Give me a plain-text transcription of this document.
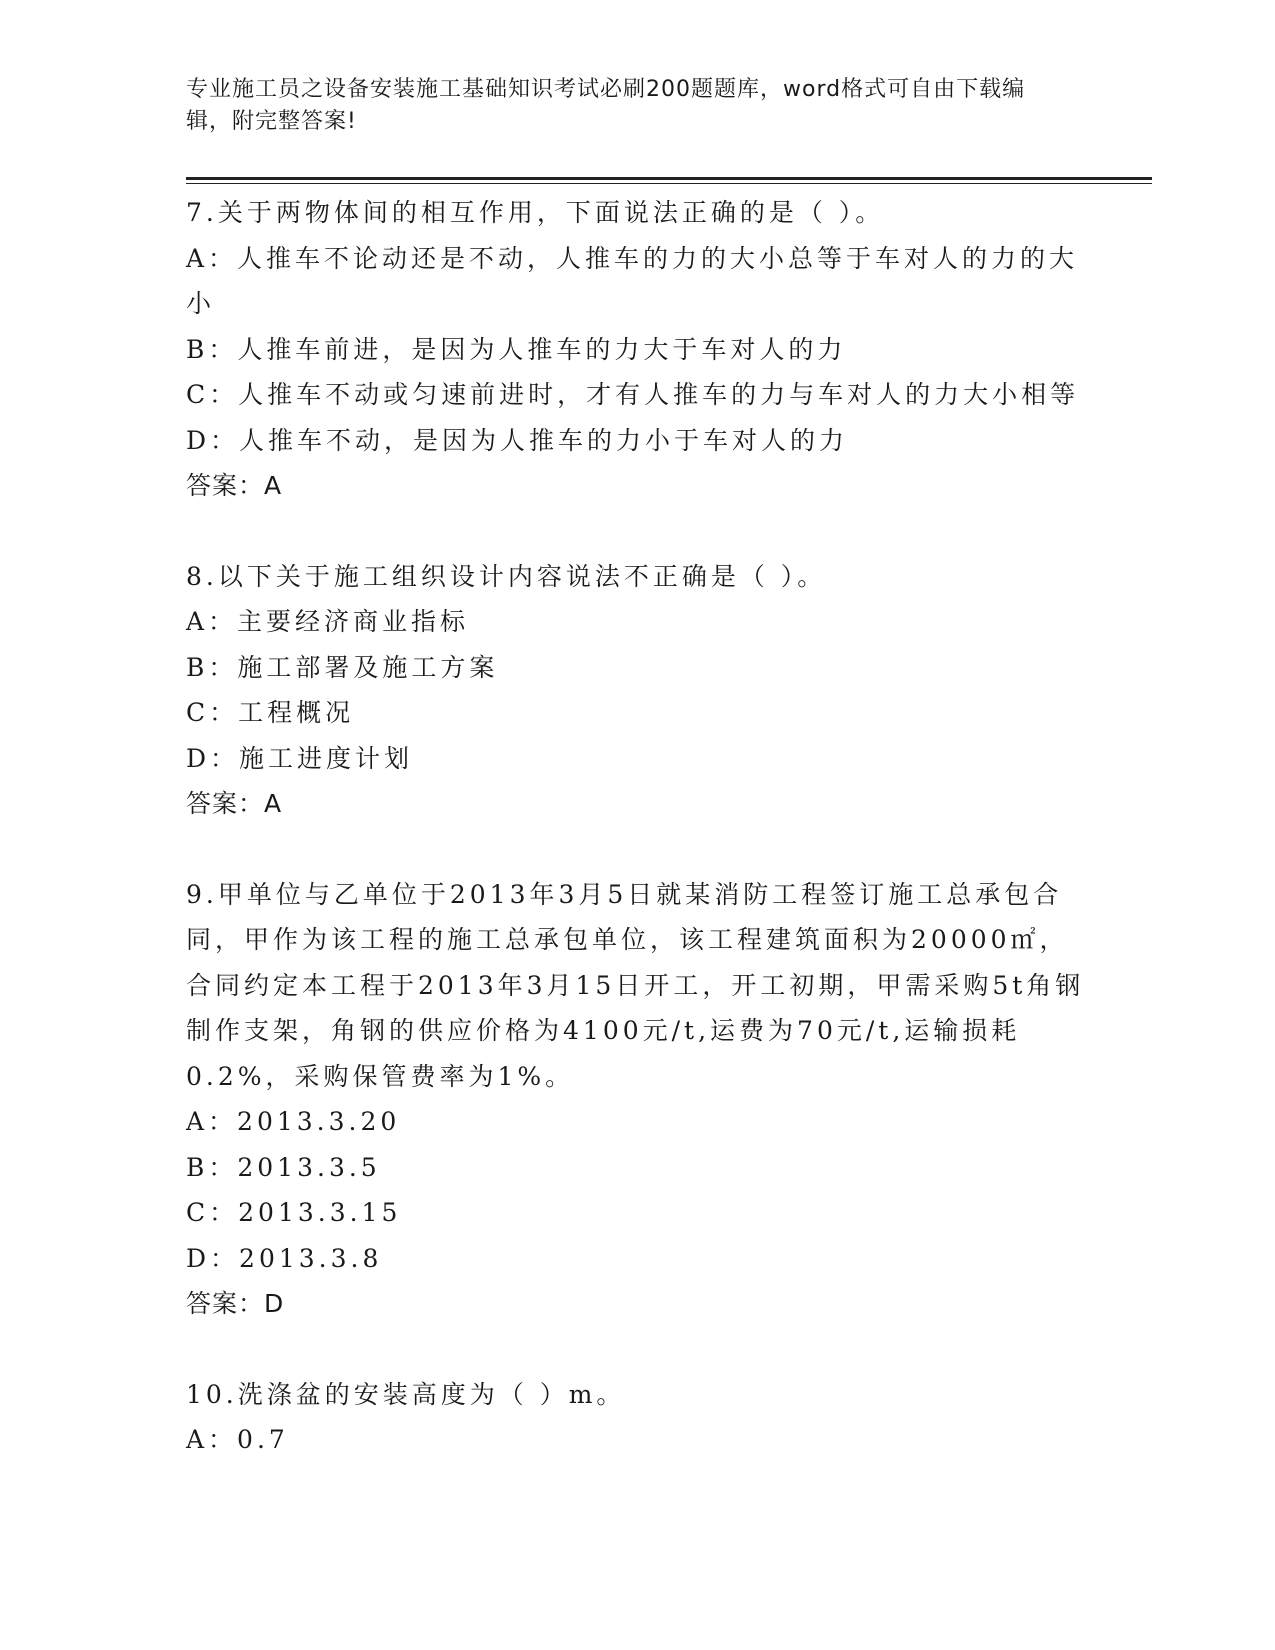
专业施工员之设备安装施工基础知识考试必刷200题题库，word格式可自由下载编辑，附完整答案!

7.关于两物体间的相互作用，下面说法正确的是（ ）。

A：人推车不论动还是不动，人推车的力的大小总等于车对人的力的大小

B：人推车前进，是因为人推车的力大于车对人的力

C：人推车不动或匀速前进时，才有人推车的力与车对人的力大小相等

D：人推车不动，是因为人推车的力小于车对人的力

答案：A

8.以下关于施工组织设计内容说法不正确是（ ）。

A：主要经济商业指标

B：施工部署及施工方案

C：工程概况

D：施工进度计划

答案：A

9.甲单位与乙单位于2013年3月5日就某消防工程签订施工总承包合同，甲作为该工程的施工总承包单位，该工程建筑面积为20000㎡，合同约定本工程于2013年3月15日开工，开工初期，甲需采购5t角钢制作支架，角钢的供应价格为4100元/t,运费为70元/t,运输损耗0.2%，采购保管费率为1%。

A：2013.3.20

B：2013.3.5

C：2013.3.15

D：2013.3.8

答案：D

10.洗涤盆的安装高度为（ ）m。

A：0.7
